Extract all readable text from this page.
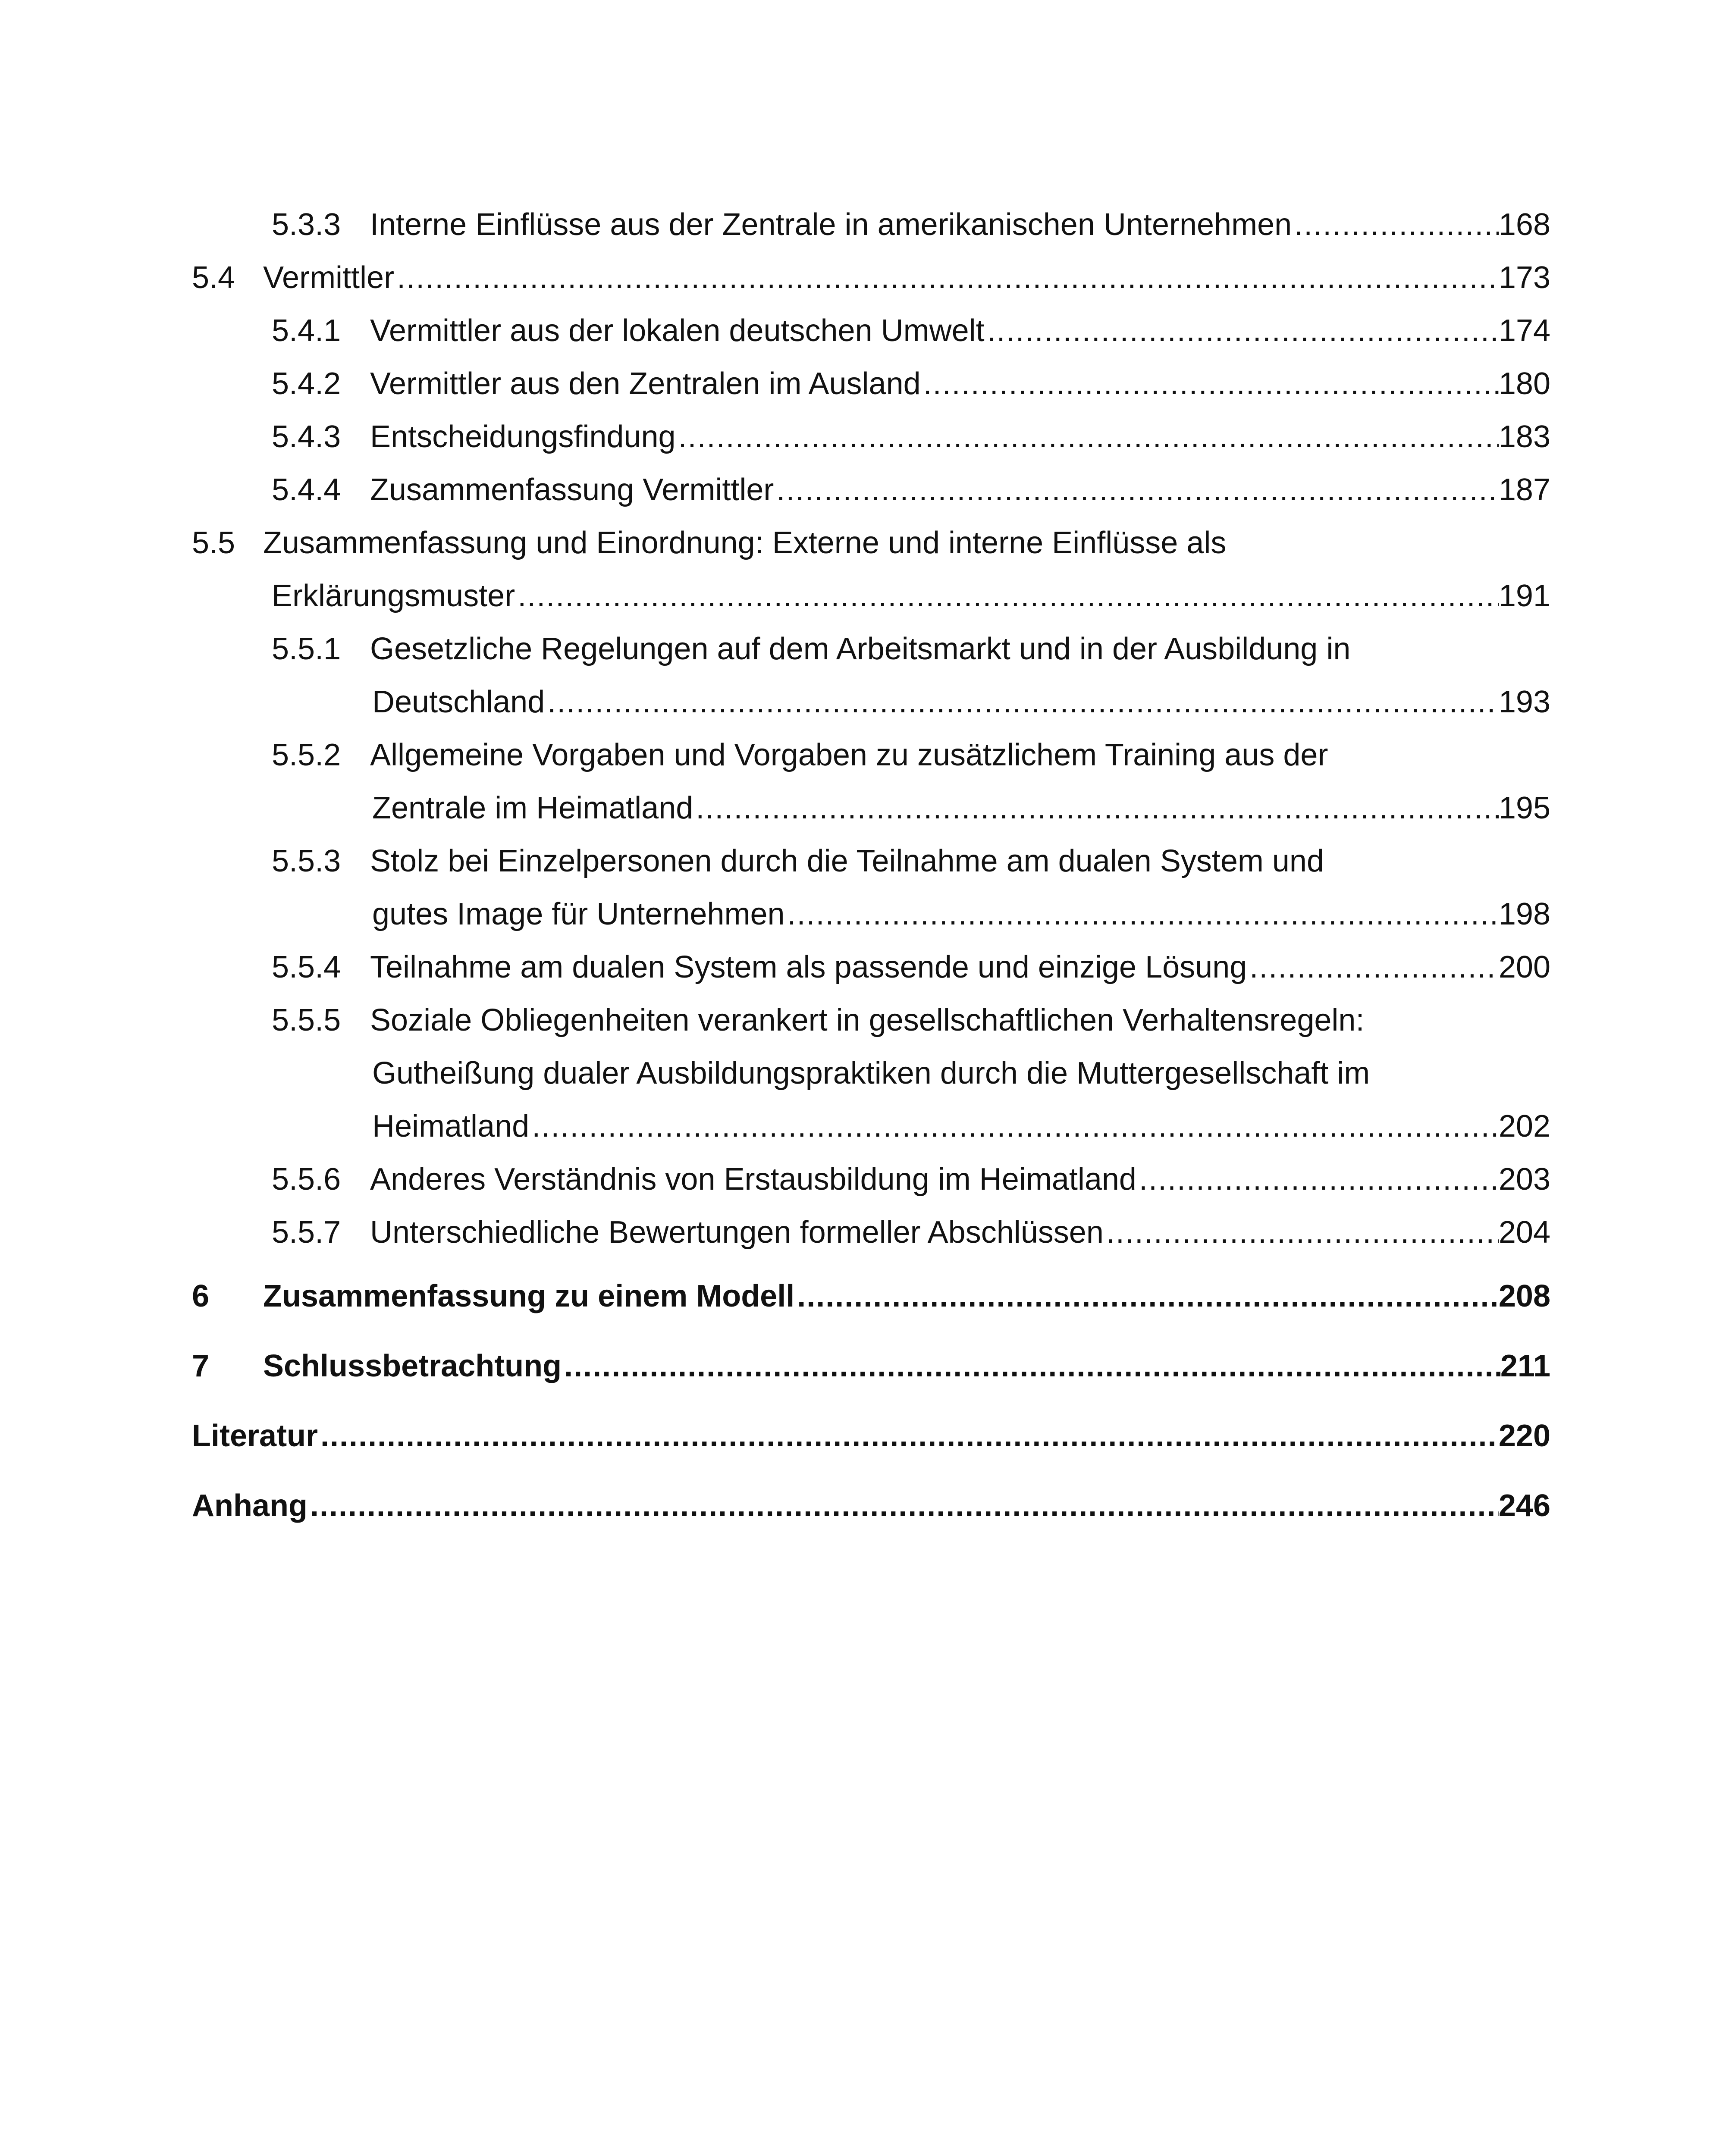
5.3.3 Interne Einflüsse aus der Zentrale in amerikanischen Unternehmen .....	168
5.4 Vermittler .....	173
5.4.1 Vermittler aus der lokalen deutschen Umwelt .....	174
5.4.2 Vermittler aus den Zentralen im Ausland .....	180
5.4.3 Entscheidungsfindung .....	183
5.4.4 Zusammenfassung Vermittler .....	187
5.5 Zusammenfassung und Einordnung: Externe und interne Einflüsse als
Erklärungsmuster .....	191
5.5.1 Gesetzliche Regelungen auf dem Arbeitsmarkt und in der Ausbildung in
Deutschland .....	193
5.5.2 Allgemeine Vorgaben und Vorgaben zu zusätzlichem Training aus der
Zentrale im Heimatland .....	195
5.5.3 Stolz bei Einzelpersonen durch die Teilnahme am dualen System und
gutes Image für Unternehmen .....	198
5.5.4 Teilnahme am dualen System als passende und einzige Lösung .....	200
5.5.5 Soziale Obliegenheiten verankert in gesellschaftlichen Verhaltensregeln:
Gutheißung dualer Ausbildungspraktiken durch die Muttergesellschaft im
Heimatland .....	202
5.5.6 Anderes Verständnis von Erstausbildung im Heimatland .....	203
5.5.7 Unterschiedliche Bewertungen formeller Abschlüssen .....	204
6	Zusammenfassung zu einem Modell .....	208
7	Schlussbetrachtung .....	211
Literatur .....	220
Anhang .....	246
